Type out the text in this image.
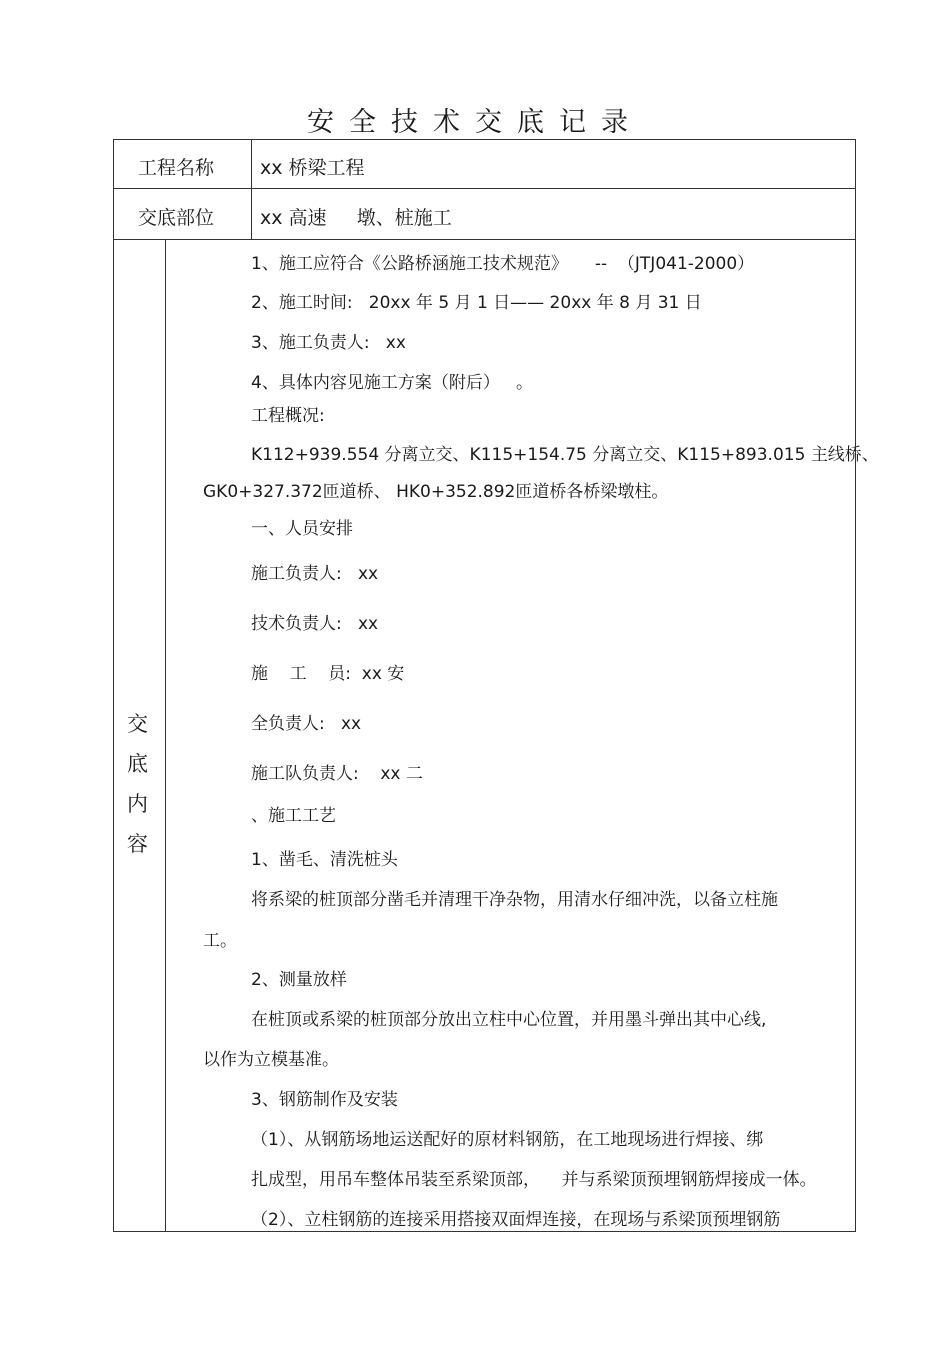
安全技术交底记录
工程名称 xx 桥梁工程
交底部位 xx 高速     墩、桩施工
交
底
内
容
1、施工应符合《公路桥涵施工技术规范》     --  （JTJ041-2000）
2、施工时间:   20xx 年 5 月 1 日—— 20xx 年 8 月 31 日
3、施工负责人:   xx
4、具体内容见施工方案（附后）   。
工程概况:
K112+939.554 分离立交、K115+154.75 分离立交、K115+893.015 主线桥、
GK0+327.372匝道桥、 HK0+352.892匝道桥各桥梁墩柱。
一、人员安排
施工负责人:   xx
技术负责人:   xx
施    工    员:  xx 安
全负责人:   xx
施工队负责人:    xx 二
、施工工艺
1、凿毛、清洗桩头
将系梁的桩顶部分凿毛并清理干净杂物，用清水仔细冲洗，以备立柱施
工。
2、测量放样
在桩顶或系梁的桩顶部分放出立柱中心位置，并用墨斗弹出其中心线,
以作为立模基准。
3、钢筋制作及安装
（1）、从钢筋场地运送配好的原材料钢筋，在工地现场进行焊接、绑
扎成型，用吊车整体吊装至系梁顶部，    并与系梁顶预埋钢筋焊接成一体。
（2）、立柱钢筋的连接采用搭接双面焊连接，在现场与系梁顶预埋钢筋
